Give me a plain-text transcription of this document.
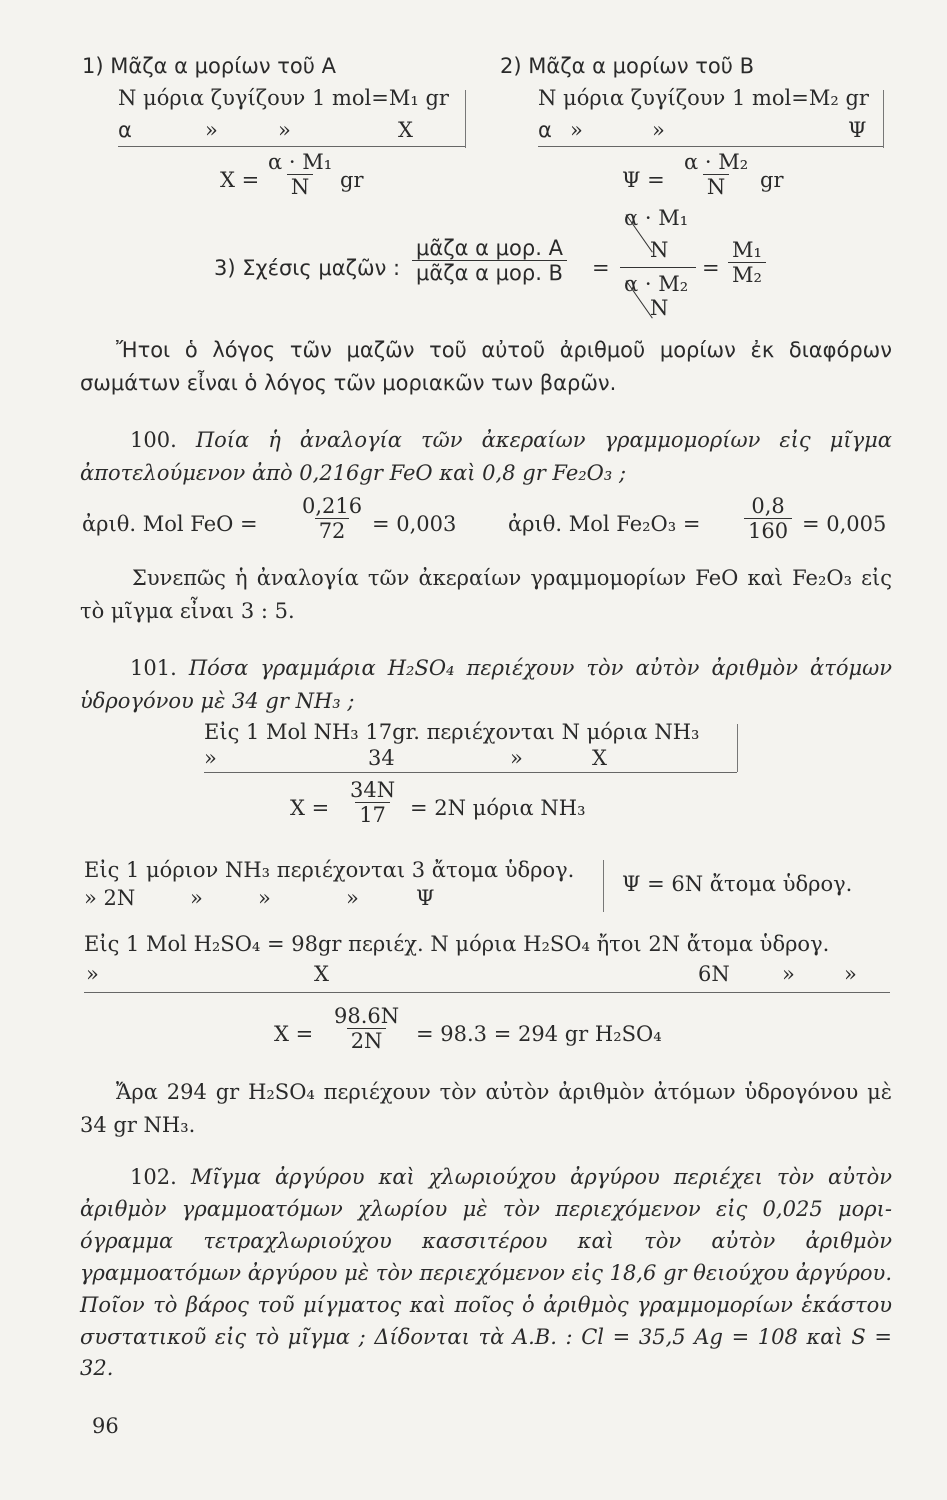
1) Μᾶζα α μορίων τοῦ Α
Ν μόρια ζυγίζουν 1 mol=M₁ gr
α	»	»	X
$X = \frac{\text{α · M₁}}{N}$ gr
2) Μᾶζα α μορίων τοῦ Β
Ν μόρια ζυγίζουν 1 mol=M₂ gr
α »	»	Ψ
$\Psi = \frac{\text{α · M₂}}{N}$ gr
3) Σχέσις μαζῶν :
μᾶζα α μορ. Α
μᾶζα α μορ. Β =
α · M₁
N
α · M₂
N
= $\frac{\text{M₁}}{\text{M₂}}$
Ἤτοι ὁ λόγος τῶν μαζῶν τοῦ αὐτοῦ ἀριθμοῦ μορίων ἐκ διαφόρων σωμάτων εἶναι ὁ λόγος τῶν μοριακῶν των βαρῶν.
100. Ποία ἡ ἀναλογία τῶν ἀκεραίων γραμμομορίων εἰς μῖγμα ἀποτελούμενον ἀπὸ 0,216gr FeO καὶ 0,8 gr Fe₂O₃ ;
ἀριθ. Mol FeO = $\frac{0,216}{72} = 0,003$ ἀριθ. Mol $Fe_2O_3 = \frac{0,8}{160} = 0,005$
Συνεπῶς ἡ ἀναλογία τῶν ἀκεραίων γραμμομορίων FeO καὶ Fe₂O₃ εἰς τὸ μῖγμα εἶναι 3 : 5.
101. Πόσα γραμμάρια H₂SO₄ περιέχουν τὸν αὐτὸν ἀριθμὸν ἀτόμων ὑδρογόνου μὲ 34 gr NH₃ ;
Εἰς 1 Mol NH₃ 17gr. περιέχονται N μόρια NH₃
»	34	»	X
$X = \frac{34N}{17} = 2N$ μόρια NH₃
Εἰς 1 μόριον NH₃ περιέχονται 3 ἄτομα ὑδρογ.
» 2N	»	»	»	Ψ
Ψ = 6N ἄτομα ὑδρογ.
Εἰς 1 Mol H₂SO₄ = 98gr περιέχ. N μόρια H₂SO₄ ἤτοι 2N ἄτομα ὑδρογ.
»	X	6N » »
$X = \frac{98.6N}{2N} = 98.3 = 294$ gr H₂SO₄
Ἄρα 294 gr H₂SO₄ περιέχουν τὸν αὐτὸν ἀριθμὸν ἀτόμων ὑδρογόνου μὲ 34 gr NH₃.
102. Μῖγμα ἀργύρου καὶ χλωριούχου ἀργύρου περιέχει τὸν αὐτὸν ἀριθμὸν γραμμοατόμων χλωρίου μὲ τὸν περιεχόμενον εἰς 0,025 μοριόγραμμα τετραχλωριούχου κασσιτέρου καὶ τὸν αὐτὸν ἀριθμὸν γραμμοατόμων ἀργύρου μὲ τὸν περιεχόμενον εἰς 18,6 gr θειούχου ἀργύρου. Ποῖον τὸ βάρος τοῦ μίγματος καὶ ποῖος ὁ ἀριθμὸς γραμμομορίων ἑκάστου συστατικοῦ εἰς τὸ μῖγμα ; Δίδονται τὰ Α.Β. : Cl = 35,5 Ag = 108 καὶ S = 32.
96
